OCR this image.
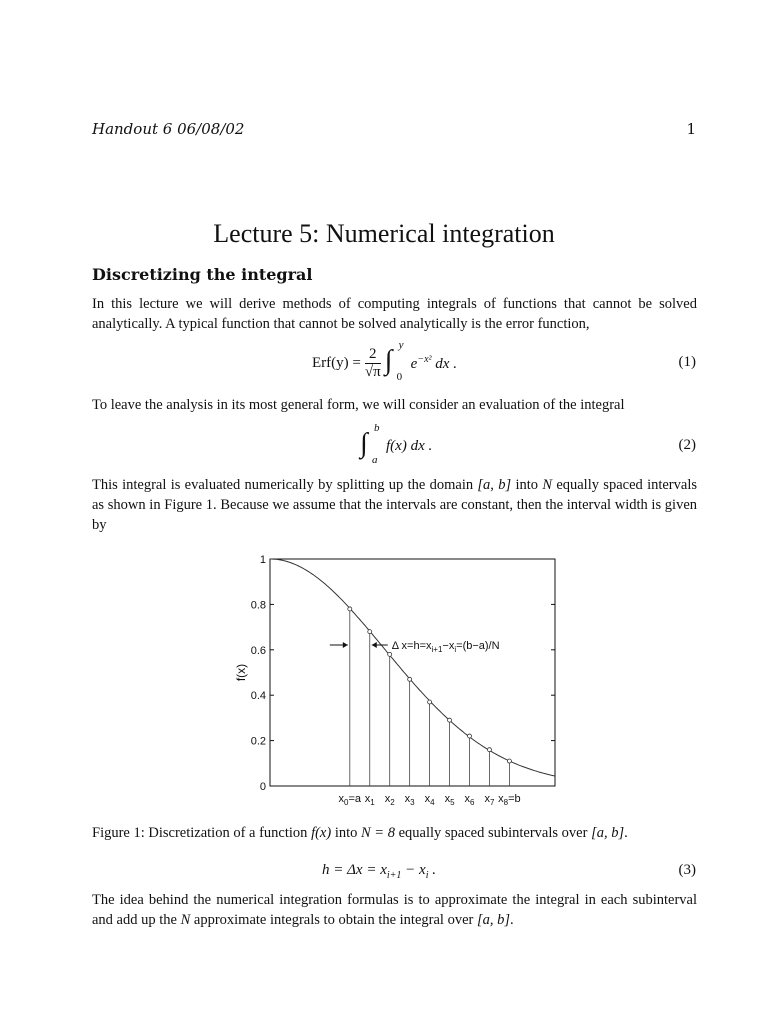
Handout 6 06/08/02	1
Lecture 5: Numerical integration
Discretizing the integral
In this lecture we will derive methods of computing integrals of functions that cannot be solved analytically. A typical function that cannot be solved analytically is the error function,
$Erf(y) = \frac{2}{√\pi}$ ∫ y
0
$e^{-x^2}$ dx .	(1)
To leave the analysis in its most general form, we will consider an evaluation of the integral
∫ b
a
f(x) dx .	(2)
This integral is evaluated numerically by splitting up the domain [a, b] into N equally spaced intervals as shown in Figure 1. Because we assume that the intervals are constant, then the interval width is given by
0
0.2
0.4
0.6
0.8
1
f(x)
$x_0=a$ $x_1$ $x_2$ $x_3$ $x_4$ $x_5$ $x_6$ $x_7$ $x_8=b$
Δ $x=h=x_{i+1}-x_i=(b-a)/N$
Figure 1: Discretization of a function f(x) into N = 8 equally spaced subintervals over [a, b].
$h = \Delta x = x_{i+1} - x_i$ .	(3)
The idea behind the numerical integration formulas is to approximate the integral in each subinterval and add up the N approximate integrals to obtain the integral over [a, b].
